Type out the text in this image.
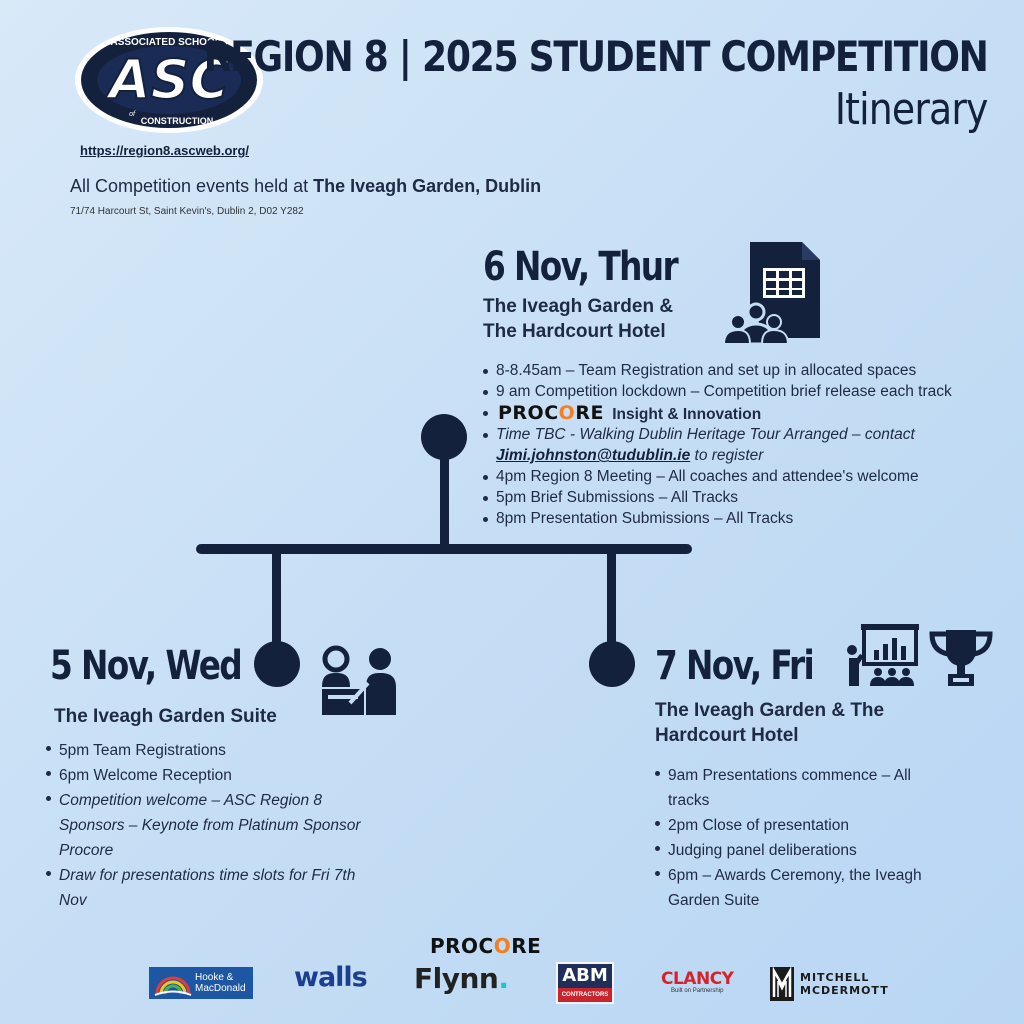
ASSOCIATED SCHOOLS
ASC
of
CONSTRUCTION
https://region8.ascweb.org/
REGION 8 | 2025 STUDENT COMPETITION
Itinerary
All Competition events held at The Iveagh Garden, Dublin
71/74 Harcourt St, Saint Kevin's, Dublin 2, D02 Y282
6 Nov, Thur
The Iveagh Garden &
The Hardcourt Hotel
8-8.45am – Team Registration and set up in allocated spaces
9 am Competition lockdown – Competition brief release each track
PROCORE Insight & Innovation
Time TBC - Walking Dublin Heritage Tour Arranged – contact
Jimi.johnston@tudublin.ie to register
4pm Region 8 Meeting – All coaches and attendee's welcome
5pm Brief Submissions – All Tracks
8pm Presentation Submissions – All Tracks
5 Nov, Wed
The Iveagh Garden Suite
5pm Team Registrations
6pm Welcome Reception
Competition welcome – ASC Region 8 Sponsors – Keynote from Platinum Sponsor Procore
Draw for presentations time slots for Fri 7th Nov
7 Nov, Fri
The Iveagh Garden & The
Hardcourt Hotel
9am Presentations commence – All tracks
2pm Close of presentation
Judging panel deliberations
6pm – Awards Ceremony, the Iveagh Garden Suite
PROCORE
Hooke &
MacDonald walls Flynn.	ABM
CONTRACTORS
CLANCY
Built on Partnership
MITCHELL
MCDERMOTT
